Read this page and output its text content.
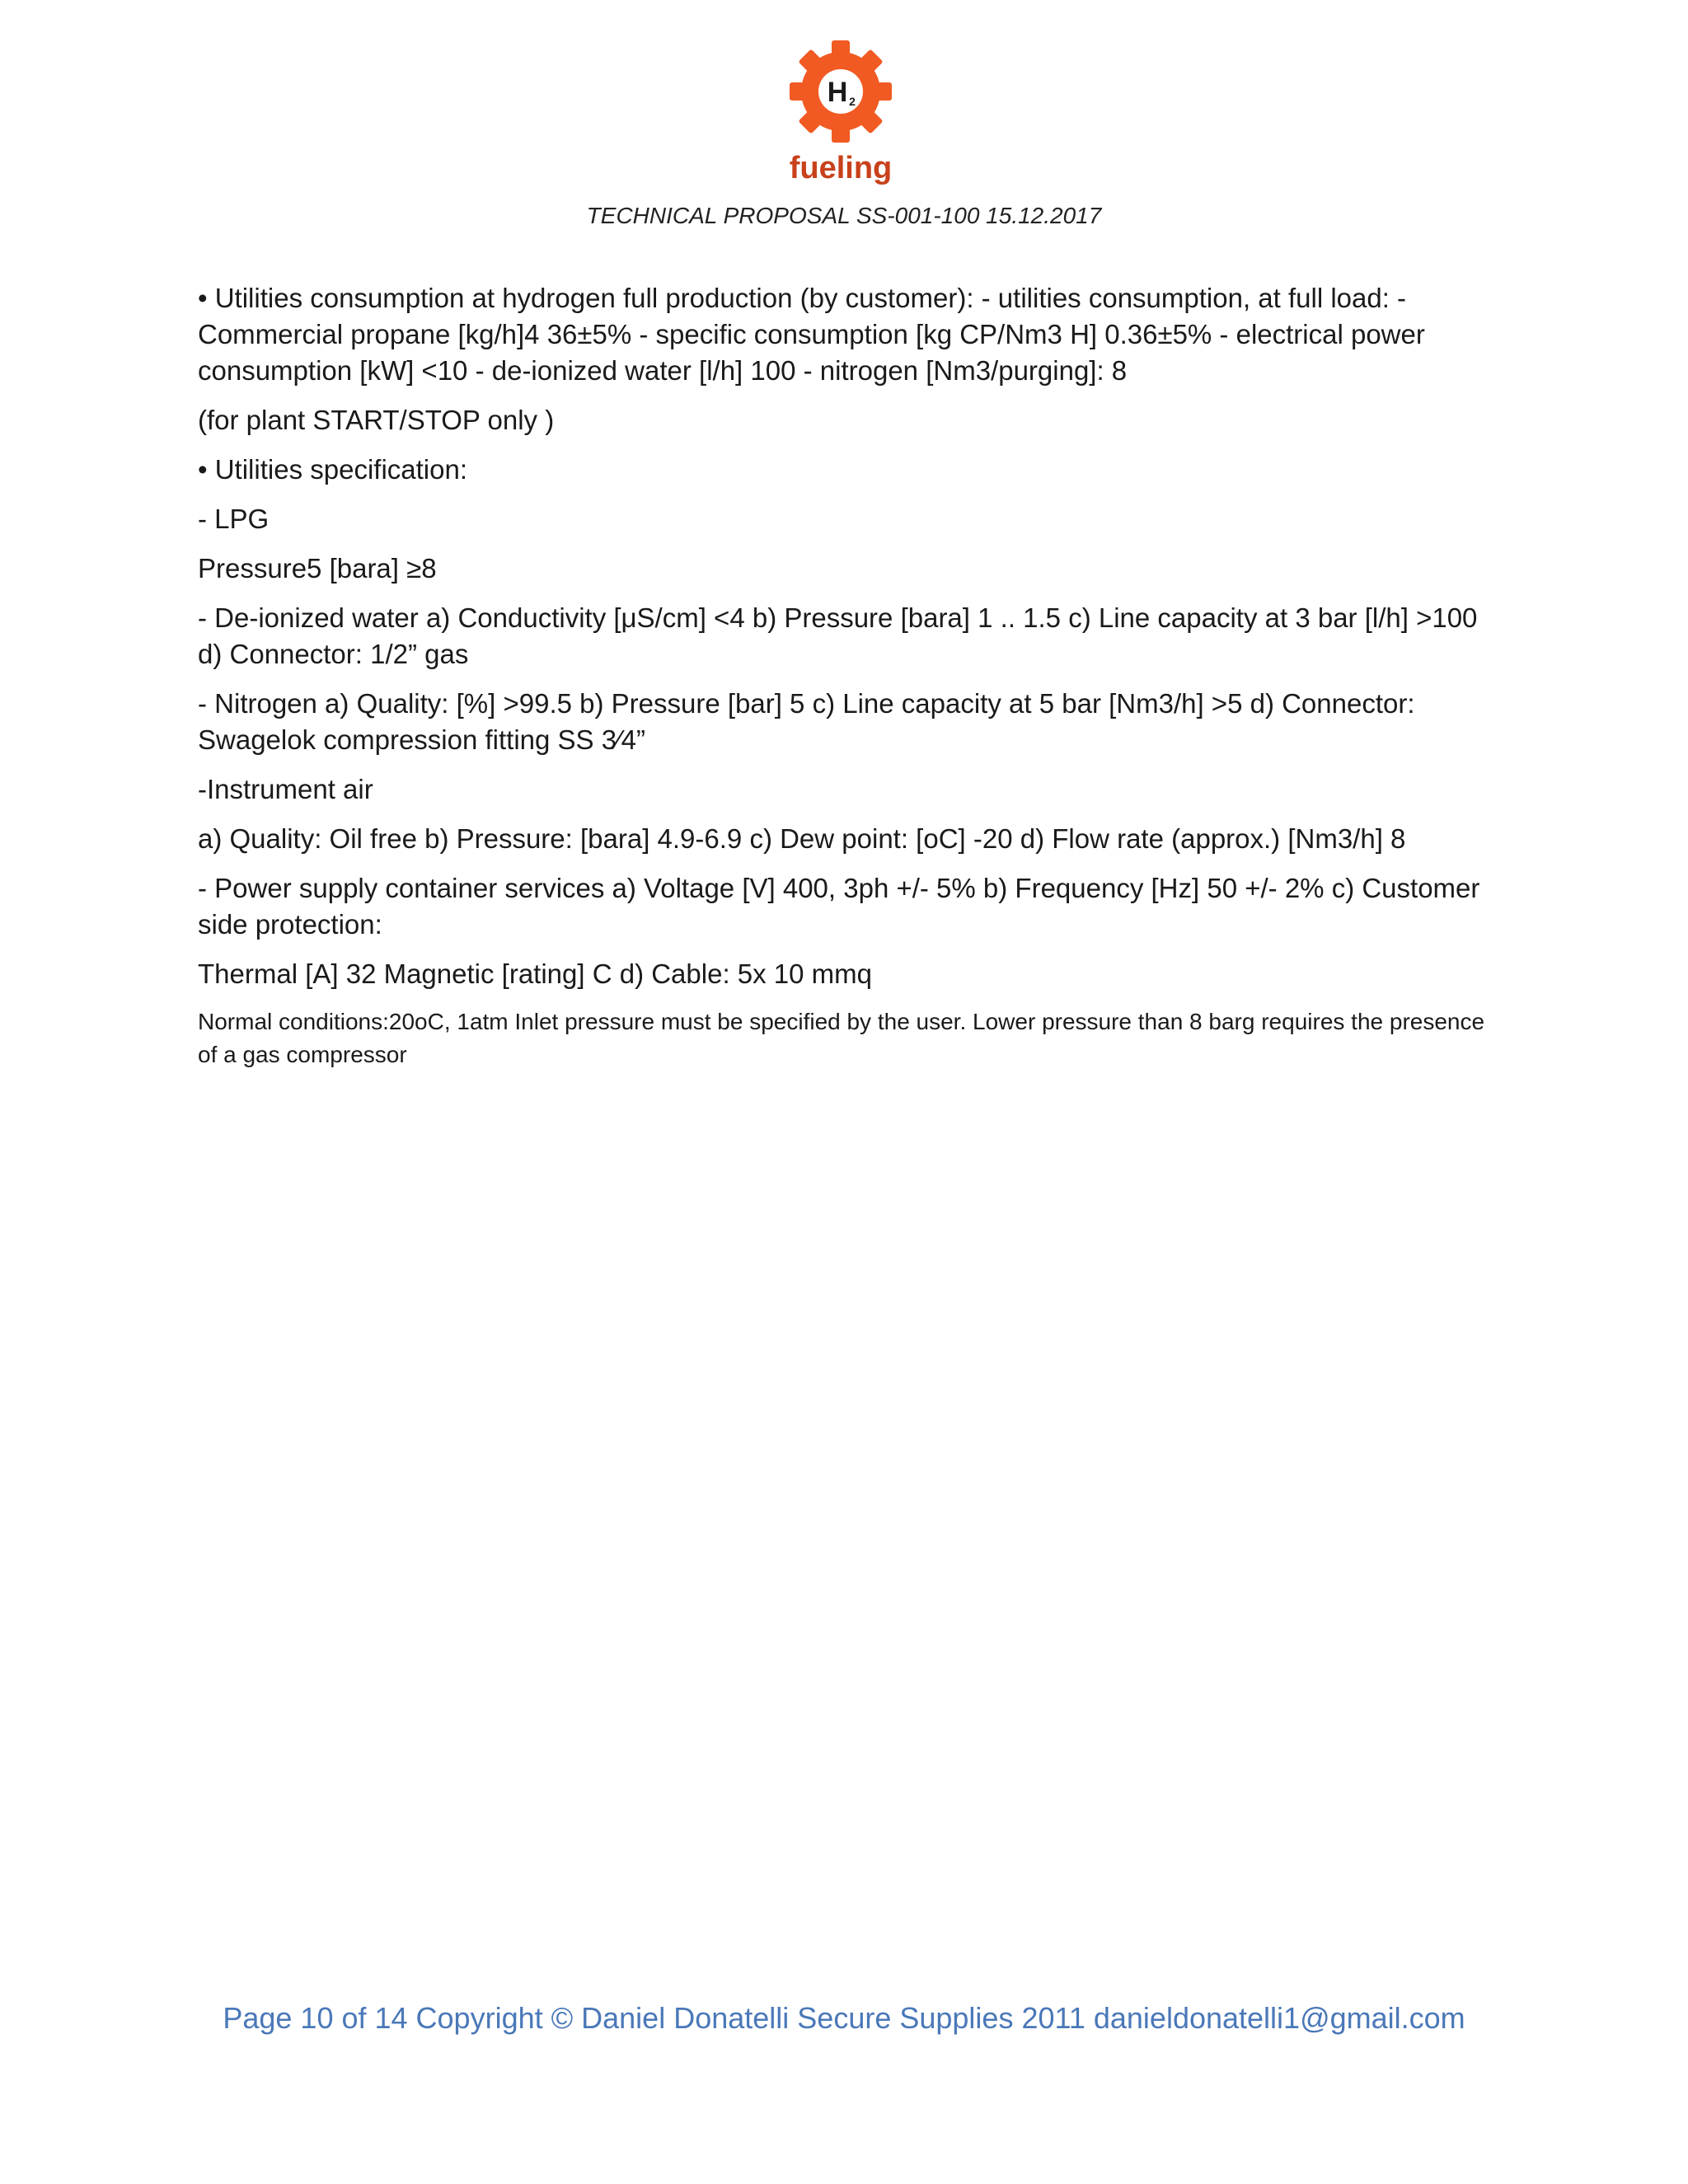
H 2
fueling
TECHNICAL PROPOSAL SS-001-100 15.12.2017

• Utilities consumption at hydrogen full production (by customer): - utilities consumption, at full load: - Commercial propane [kg/h]4 36±5% - specific consumption [kg CP/Nm3 H] 0.36±5% - electrical power consumption [kW] <10 - de-ionized water [l/h] 100 - nitrogen [Nm3/purging]: 8

(for plant START/STOP only )

• Utilities specification:

- LPG

Pressure5 [bara] ≥8

- De-ionized water a) Conductivity [μS/cm] <4 b) Pressure [bara] 1 .. 1.5 c) Line capacity at 3 bar [l/h] >100 d) Connector: 1/2” gas

- Nitrogen a) Quality: [%] >99.5 b) Pressure [bar] 5 c) Line capacity at 5 bar [Nm3/h] >5 d) Connector: Swagelok compression fitting SS 3⁄4”

-Instrument air

a) Quality: Oil free b) Pressure: [bara] 4.9-6.9 c) Dew point: [oC] -20 d) Flow rate (approx.) [Nm3/h] 8

- Power supply container services a) Voltage [V] 400, 3ph +/- 5% b) Frequency [Hz] 50 +/- 2% c) Customer side protection:

Thermal [A] 32 Magnetic [rating] C d) Cable: 5x 10 mmq

Normal conditions:20oC, 1atm Inlet pressure must be specified by the user. Lower pressure than 8 barg requires the presence of a gas compressor

Page 10 of 14 Copyright © Daniel Donatelli Secure Supplies 2011 danieldonatelli1@gmail.com
